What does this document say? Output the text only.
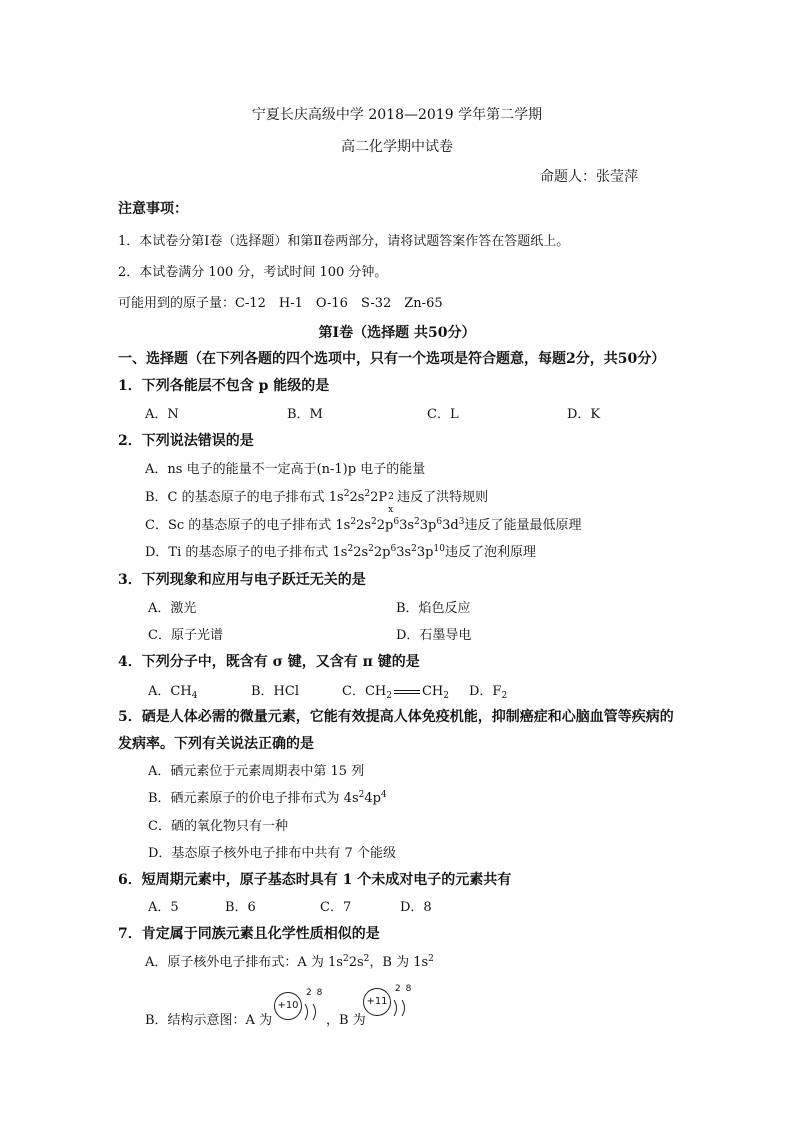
宁夏长庆高级中学 2018—2019 学年第二学期
高二化学期中试卷
命题人：张莹萍
注意事项：
1．本试卷分第Ⅰ卷（选择题）和第Ⅱ卷两部分，请将试题答案作答在答题纸上。
2．本试卷满分 100 分，考试时间 100 分钟。
可能用到的原子量：C-12　H-1　O-16　S-32　Zn-65
第Ⅰ卷（选择题 共50分）
一、选择题（在下列各题的四个选项中，只有一个选项是符合题意，每题2分，共50分）
1．下列各能层不包含 p 能级的是
A．N	B．M	C．L	D．K
2．下列说法错误的是
A．ns 电子的能量不一定高于(n-1)p 电子的能量
B．C 的基态原子的电子排布式 $1s^22s^22P$ 2
x
违反了洪特规则
C．Sc 的基态原子的电子排布式 $1s^22s^22p^63s^23p^63d^3$违反了能量最低原理
D．Ti 的基态原子的电子排布式 $1s^22s^22p^63s^23p^{10}$违反了泡利原理
3．下列现象和应用与电子跃迁无关的是
A．激光	B．焰色反应
C．原子光谱	D．石墨导电
4．下列分子中，既含有 σ 键，又含有 π 键的是
A．$CH_4$	B．HCl	C．$CH_2$ $CH_2$ D．$F_2$
5．硒是人体必需的微量元素，它能有效提高人体免疫机能，抑制癌症和心脑血管等疾病的
发病率。下列有关说法正确的是
A．硒元素位于元素周期表中第 15 列
B．硒元素原子的价电子排布式为 $4s^24p^4$
C．硒的氧化物只有一种
D．基态原子核外电子排布中共有 7 个能级
6．短周期元素中，原子基态时具有 1 个未成对电子的元素共有
A．5	B．6	C．7	D．8
7．肯定属于同族元素且化学性质相似的是
A．原子核外电子排布式：A 为 $1s^22s^2$，B 为 $1s^2$
B．结构示意图：A 为
+10
2 8
，B 为
+11
2 8
